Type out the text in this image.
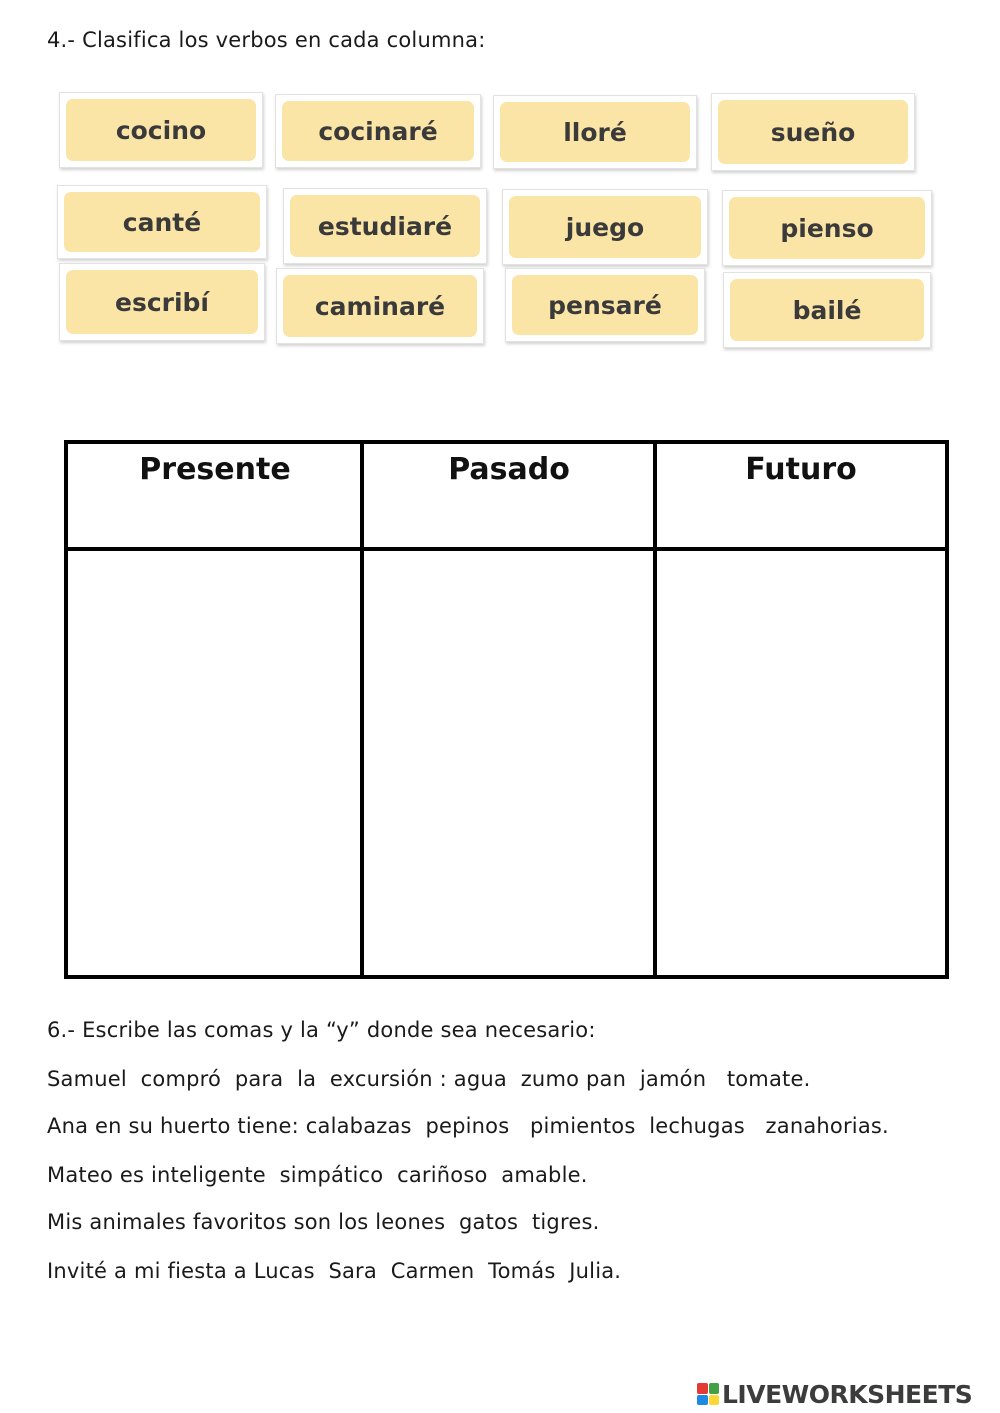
4.- Clasifica los verbos en cada columna:
cocino	cocinaré	lloré	sueño
canté	estudiaré	juego	pienso
escribí	caminaré	pensaré	bailé
Presente	Pasado	Futuro
6.- Escribe las comas y la “y” donde sea necesario:
Samuel  compró  para  la  excursión : agua  zumo pan  jamón   tomate.
Ana en su huerto tiene: calabazas  pepinos   pimientos  lechugas   zanahorias.
Mateo es inteligente  simpático  cariñoso  amable.
Mis animales favoritos son los leones  gatos  tigres.
Invité a mi fiesta a Lucas  Sara  Carmen  Tomás  Julia.
LIVEWORKSHEETS
